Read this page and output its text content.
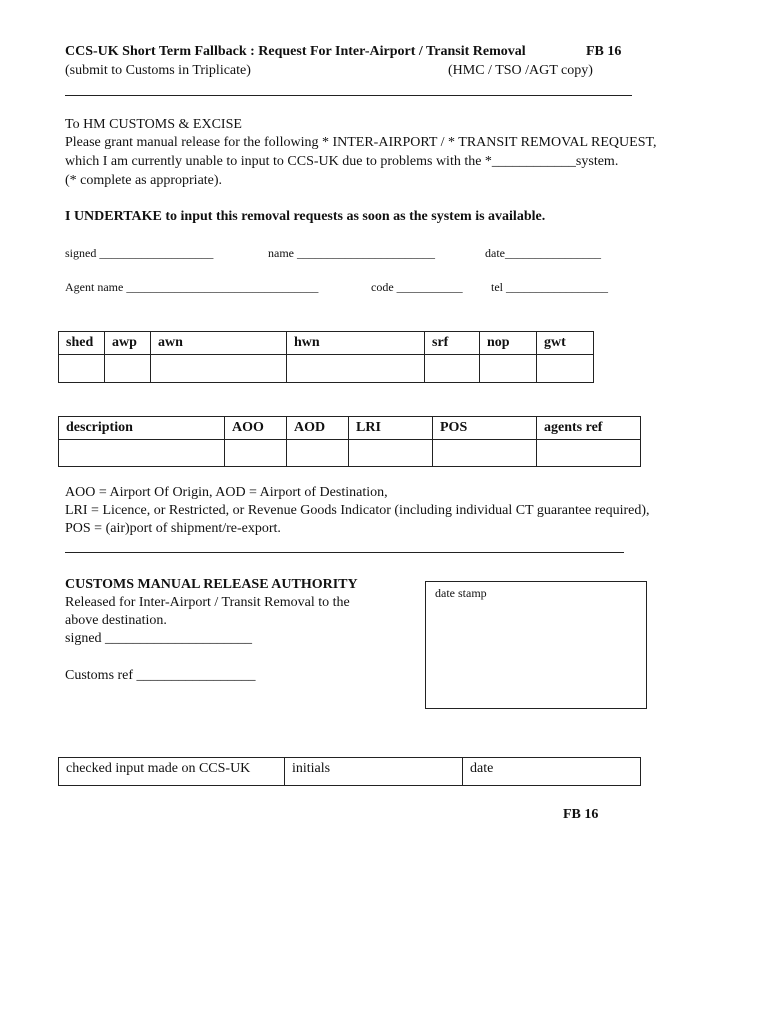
CCS-UK Short Term Fallback : Request For Inter-Airport / Transit Removal	FB 16
(submit to Customs in Triplicate)	(HMC / TSO /AGT copy)
To HM CUSTOMS & EXCISE
Please grant manual release for the following * INTER-AIRPORT / * TRANSIT REMOVAL REQUEST,
which I am currently unable to input to CCS-UK due to problems with the *____________system.
(* complete as appropriate).
I UNDERTAKE to input this removal requests as soon as the system is available.
signed ___________________	name _______________________	date________________
Agent name ________________________________	code ___________ tel _________________
shed	awp	awn	hwn	srf	nop	gwt

description	AOO	AOD	LRI	POS	agents ref

AOO = Airport Of Origin, AOD = Airport of Destination,
LRI = Licence, or Restricted, or Revenue Goods Indicator (including individual CT guarantee required),
POS = (air)port of shipment/re-export.
CUSTOMS MANUAL RELEASE AUTHORITY
Released for Inter-Airport / Transit Removal to the
above destination.
signed _____________________
Customs ref _________________
date stamp
checked input made on CCS-UK	initials	date
FB 16
